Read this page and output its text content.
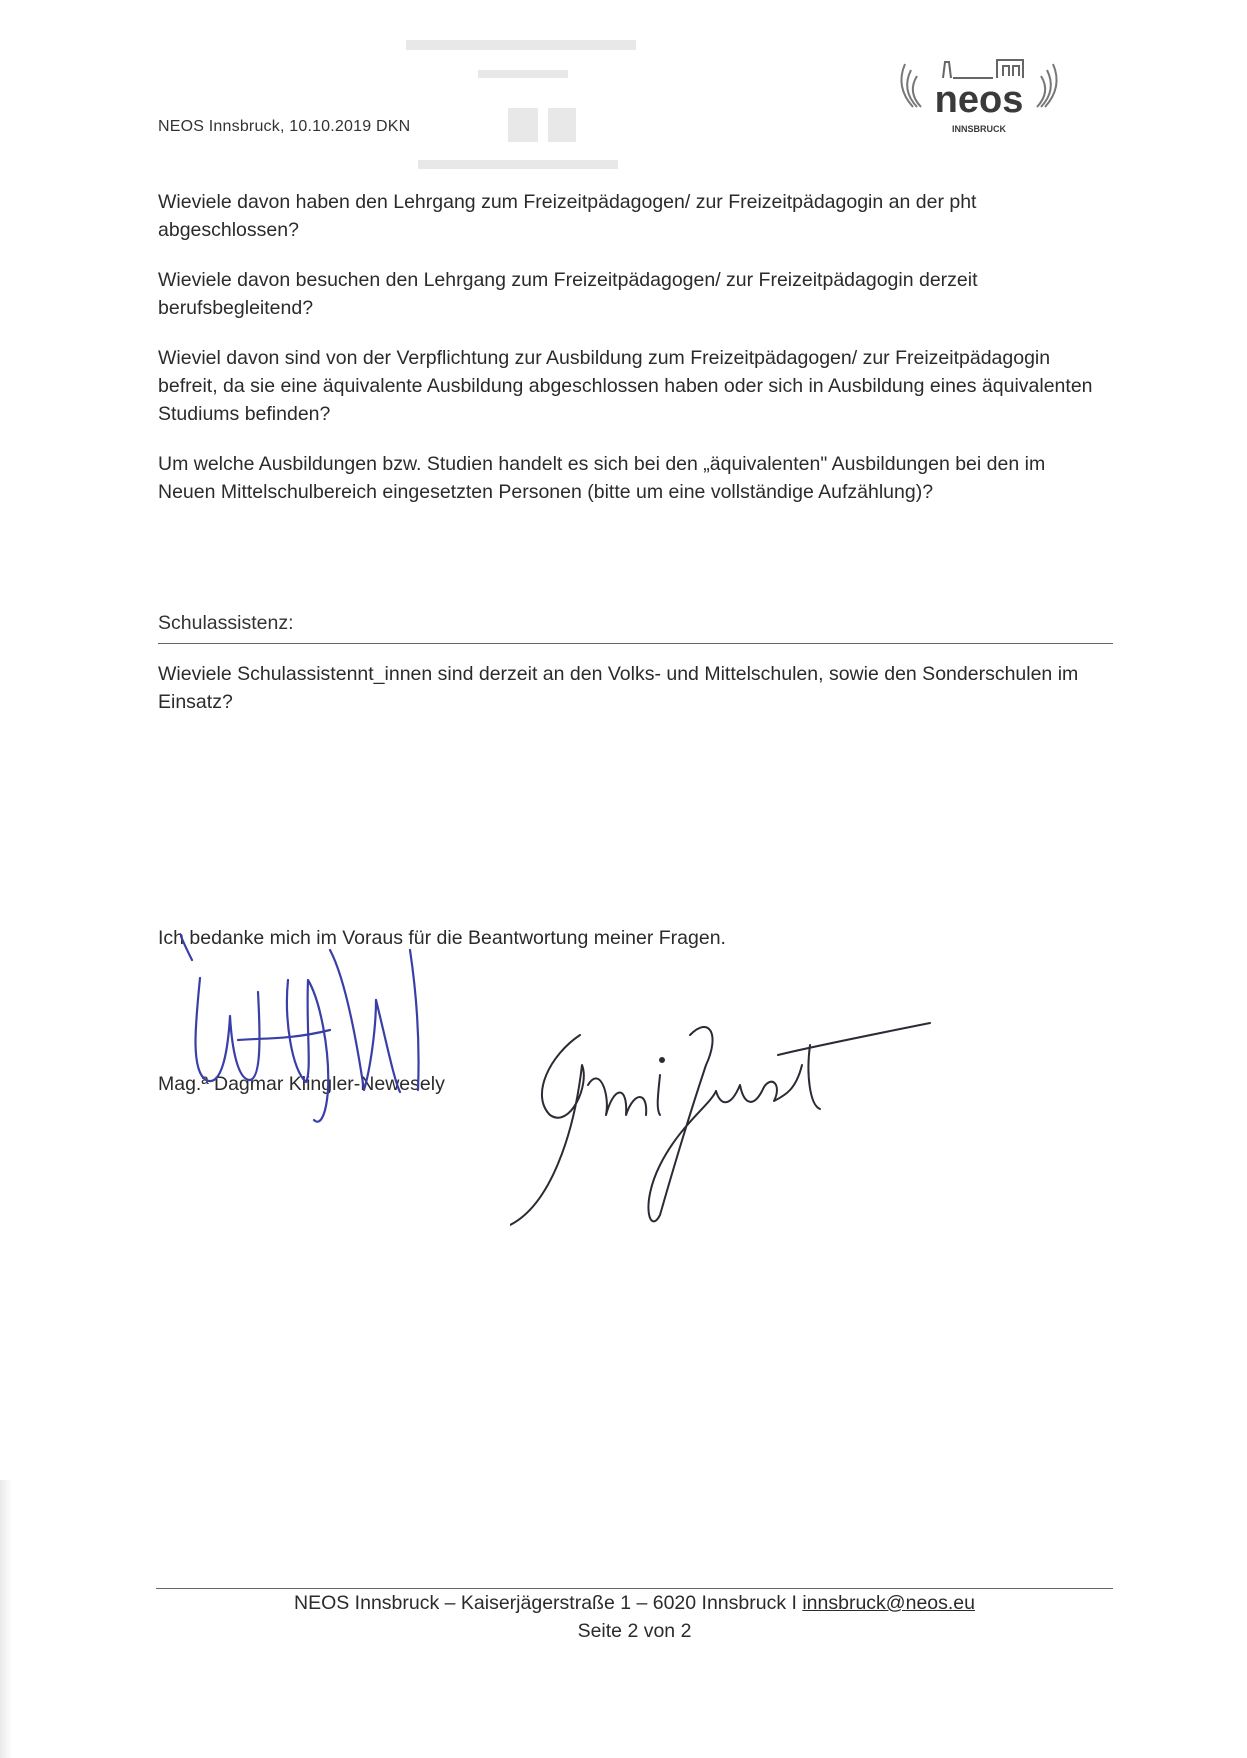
NEOS Innsbruck, 10.10.2019 DKN
neos
INNSBRUCK
Wieviele davon haben den Lehrgang zum Freizeitpädagogen/ zur Freizeitpädagogin an der pht abgeschlossen?
Wieviele davon besuchen den Lehrgang zum Freizeitpädagogen/ zur Freizeitpädagogin derzeit berufsbegleitend?
Wieviel davon sind von der Verpflichtung zur Ausbildung zum Freizeitpädagogen/ zur Freizeitpädagogin befreit, da sie eine äquivalente Ausbildung abgeschlossen haben oder sich in Ausbildung eines äquivalenten Studiums befinden?
Um welche Ausbildungen bzw. Studien handelt es sich bei den „äquivalenten" Ausbildungen bei den im Neuen Mittelschulbereich eingesetzten Personen (bitte um eine vollständige Aufzählung)?
Schulassistenz:
Wieviele Schulassistennt_innen sind derzeit an den Volks- und Mittelschulen, sowie den Sonderschulen im Einsatz?
Ich bedanke mich im Voraus für die Beantwortung meiner Fragen.
Mag.ª Dagmar Klingler-Newesely
NEOS Innsbruck – Kaiserjägerstraße 1 – 6020 Innsbruck I innsbruck@neos.eu
Seite 2 von 2
